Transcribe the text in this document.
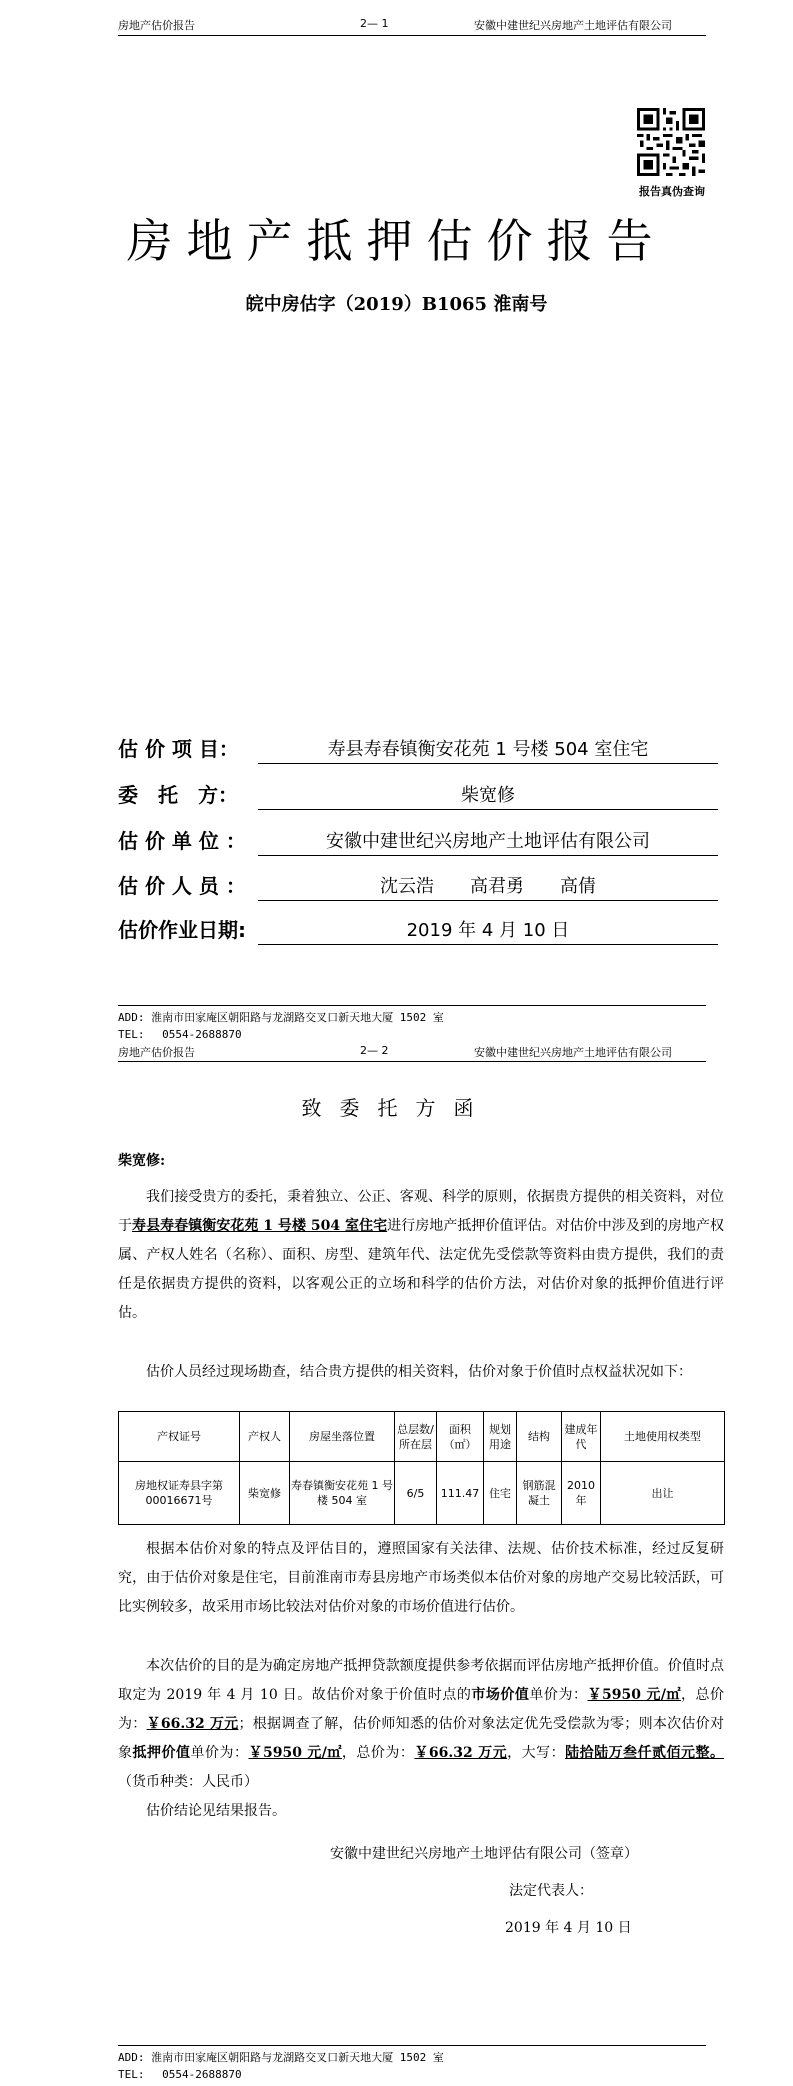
房地产估价报告	2— 1	安徽中建世纪兴房地产土地评估有限公司
报告真伪查询
房地产抵押估价报告
皖中房估字（2019）B1065 淮南号
估 价 项 目：	寿县寿春镇衡安花苑 1 号楼 504 室住宅
委　托　方：	柴宽修
估 价 单 位 ：	安徽中建世纪兴房地产土地评估有限公司
估 价 人 员 ：	沈云浩　　高君勇　　高倩
估价作业日期:	2019 年 4 月 10 日
ADD: 淮南市田家庵区朝阳路与龙湖路交叉口新天地大厦 1502 室
TEL:　 0554-2688870
房地产估价报告	2— 2	安徽中建世纪兴房地产土地评估有限公司
致委托方函
柴宽修:
我们接受贵方的委托，秉着独立、公正、客观、科学的原则，依据贵方提供的相关资料，对位于寿县寿春镇衡安花苑 1 号楼 504 室住宅进行房地产抵押价值评估。对估价中涉及到的房地产权属、产权人姓名（名称）、面积、房型、建筑年代、法定优先受偿款等资料由贵方提供，我们的责任是依据贵方提供的资料，以客观公正的立场和科学的估价方法，对估价对象的抵押价值进行评估。
估价人员经过现场勘查，结合贵方提供的相关资料，估价对象于价值时点权益状况如下：
产权证号	产权人	房屋坐落位置	总层数/所在层	面积（㎡）	规划用途	结构	建成年代	土地使用权类型
房地权证寿县字第00016671号	柴宽修	寿春镇衡安花苑 1 号楼 504 室	6/5	111.47	住宅	钢筋混凝土	2010 年	出让
根据本估价对象的特点及评估目的，遵照国家有关法律、法规、估价技术标准，经过反复研究，由于估价对象是住宅，目前淮南市寿县房地产市场类似本估价对象的房地产交易比较活跃，可比实例较多，故采用市场比较法对估价对象的市场价值进行估价。
本次估价的目的是为确定房地产抵押贷款额度提供参考依据而评估房地产抵押价值。价值时点取定为 2019 年 4 月 10 日。故估价对象于价值时点的市场价值单价为：￥5950 元/㎡，总价为：￥66.32 万元；根据调查了解，估价师知悉的估价对象法定优先受偿款为零；则本次估价对象抵押价值单价为：￥5950 元/㎡，总价为：￥66.32 万元，大写：陆拾陆万叁仟贰佰元整。（货币种类：人民币）
估价结论见结果报告。
安徽中建世纪兴房地产土地评估有限公司（签章）
法定代表人：
2019 年 4 月 10 日
ADD: 淮南市田家庵区朝阳路与龙湖路交叉口新天地大厦 1502 室
TEL:　 0554-2688870
